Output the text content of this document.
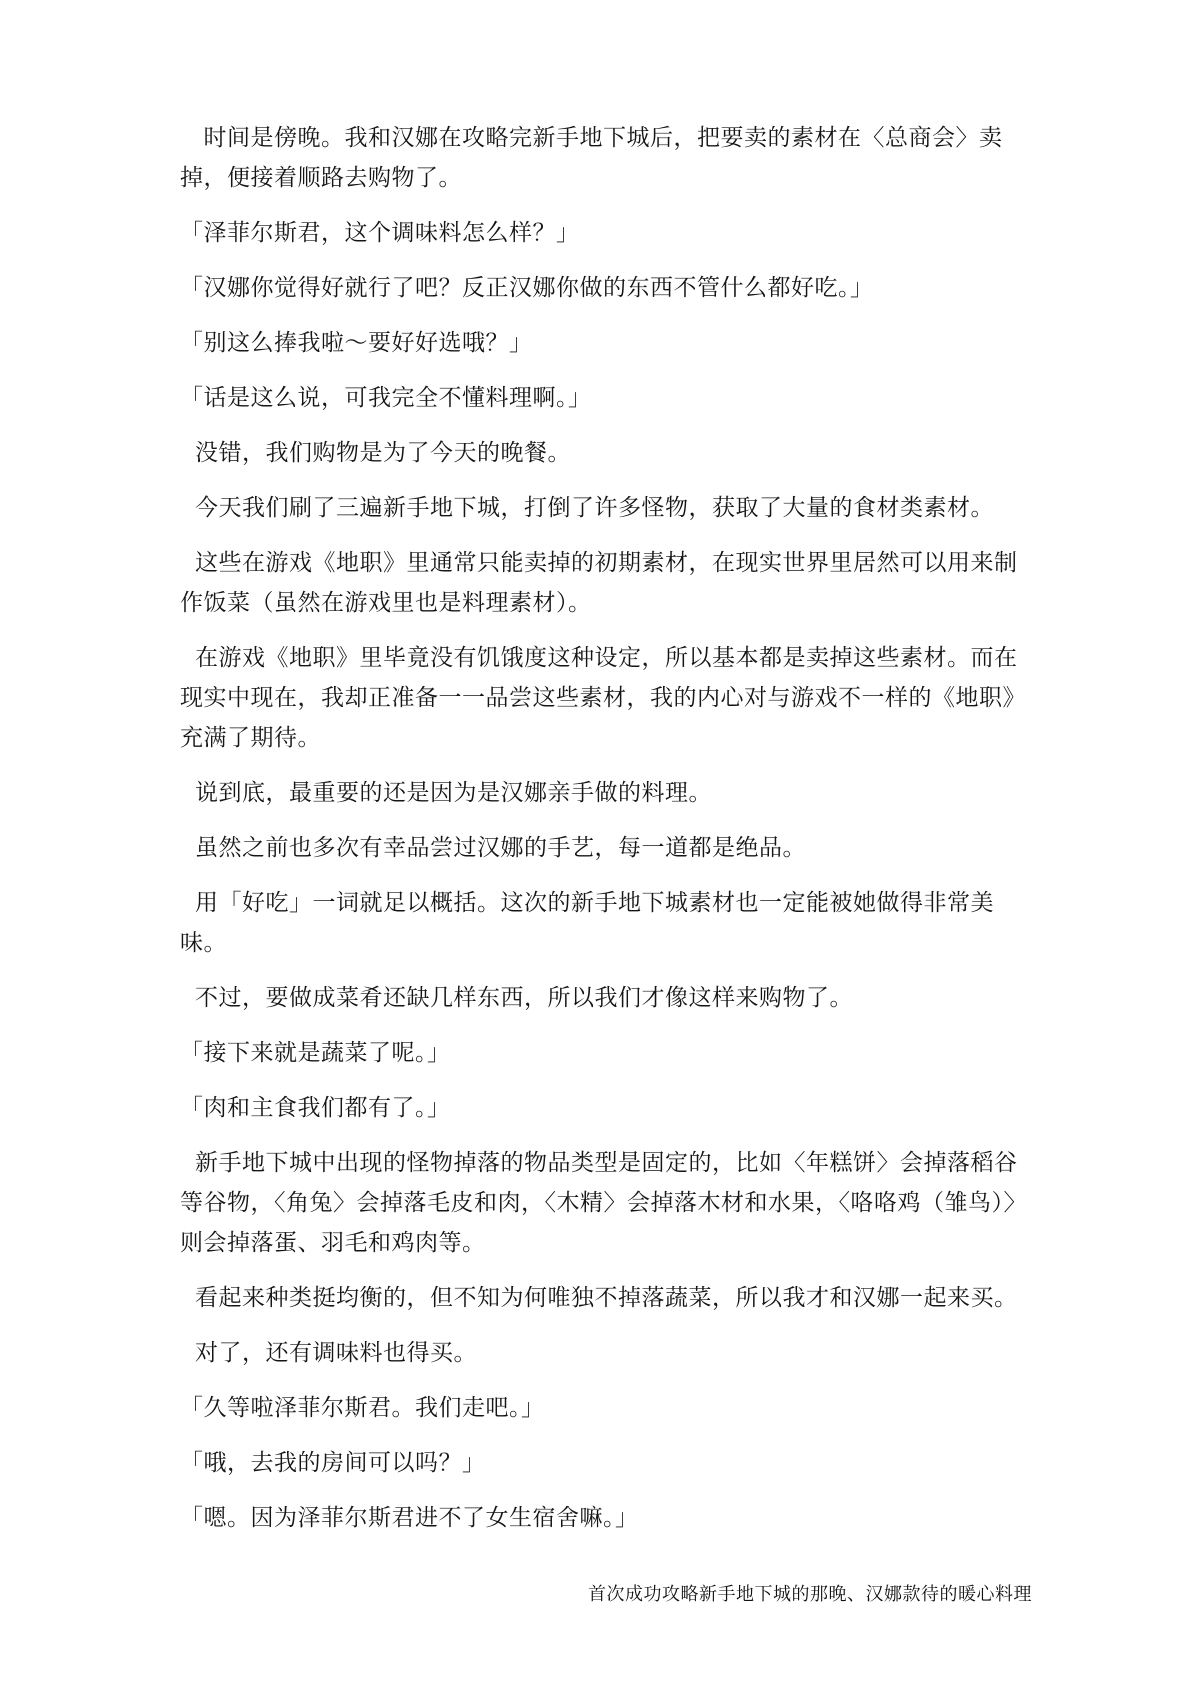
　时间是傍晚。我和汉娜在攻略完新手地下城后，把要卖的素材在〈总商会〉卖掉，便接着顺路去购物了。

「泽菲尔斯君，这个调味料怎么样？」

「汉娜你觉得好就行了吧？反正汉娜你做的东西不管什么都好吃。」

「别这么捧我啦～要好好选哦？」

「话是这么说，可我完全不懂料理啊。」

没错，我们购物是为了今天的晚餐。

今天我们刷了三遍新手地下城，打倒了许多怪物，获取了大量的食材类素材。

这些在游戏《地职》里通常只能卖掉的初期素材，在现实世界里居然可以用来制作饭菜（虽然在游戏里也是料理素材）。

在游戏《地职》里毕竟没有饥饿度这种设定，所以基本都是卖掉这些素材。而在现实中现在，我却正准备一一品尝这些素材，我的内心对与游戏不一样的《地职》充满了期待。

说到底，最重要的还是因为是汉娜亲手做的料理。

虽然之前也多次有幸品尝过汉娜的手艺，每一道都是绝品。

用「好吃」一词就足以概括。这次的新手地下城素材也一定能被她做得非常美味。

不过，要做成菜肴还缺几样东西，所以我们才像这样来购物了。

「接下来就是蔬菜了呢。」

「肉和主食我们都有了。」

新手地下城中出现的怪物掉落的物品类型是固定的，比如〈年糕饼〉会掉落稻谷等谷物，〈角兔〉会掉落毛皮和肉，〈木精〉会掉落木材和水果，〈咯咯鸡（雏鸟）〉则会掉落蛋、羽毛和鸡肉等。

看起来种类挺均衡的，但不知为何唯独不掉落蔬菜，所以我才和汉娜一起来买。

对了，还有调味料也得买。

「久等啦泽菲尔斯君。我们走吧。」

「哦，去我的房间可以吗？」

「嗯。因为泽菲尔斯君进不了女生宿舍嘛。」

首次成功攻略新手地下城的那晚、汉娜款待的暖心料理
